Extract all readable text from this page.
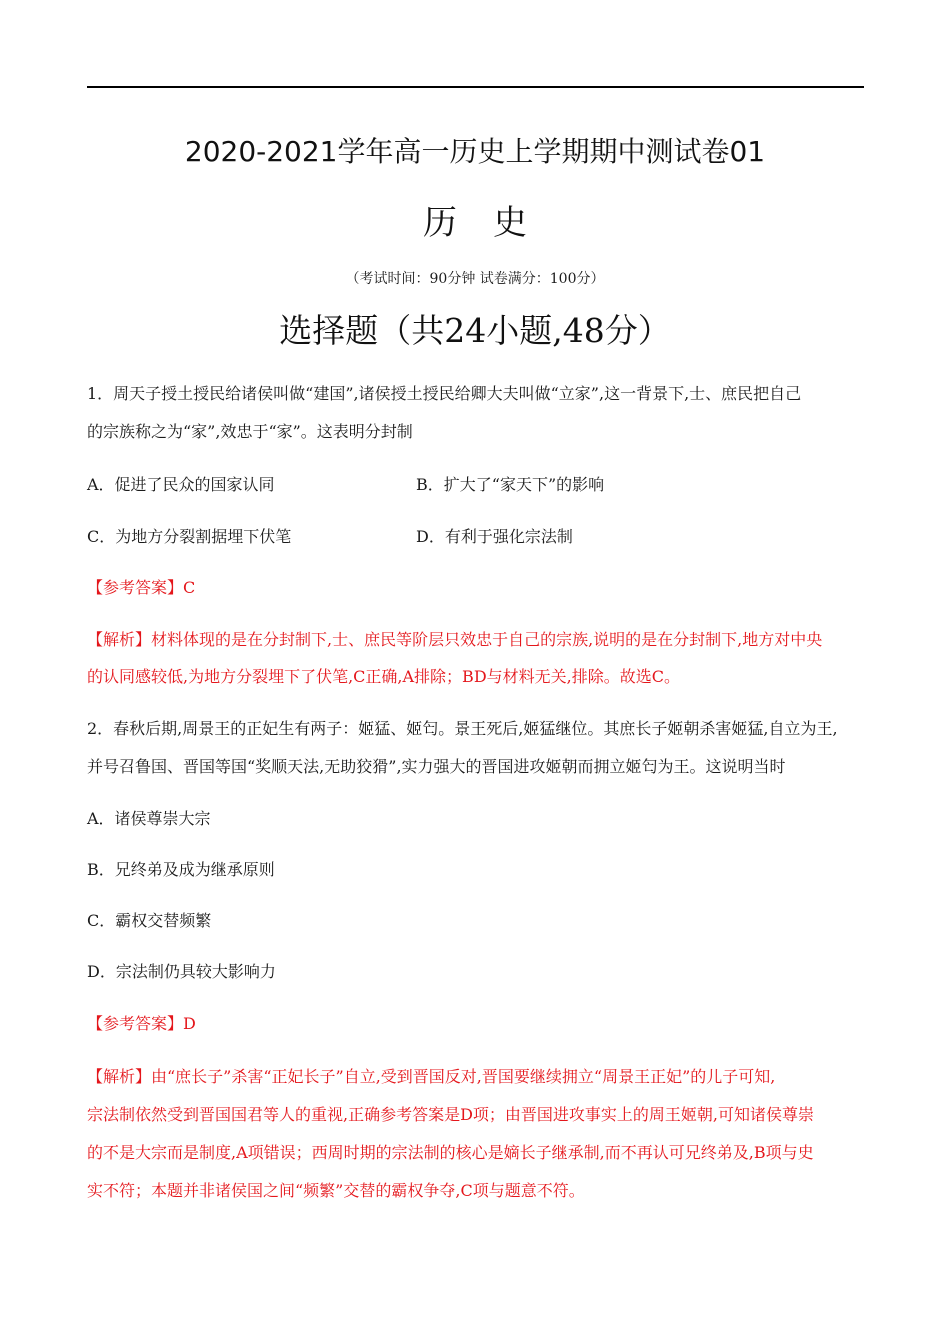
2020-2021学年高一历史上学期期中测试卷01
历史
（考试时间：90分钟 试卷满分：100分）
选择题（共24小题,48分）
1．周天子授土授民给诸侯叫做“建国”,诸侯授土授民给卿大夫叫做“立家”,这一背景下,士、庶民把自己
的宗族称之为“家”,效忠于“家”。这表明分封制
A．促进了民众的国家认同	B．扩大了“家天下”的影响
C．为地方分裂割据埋下伏笔	D．有利于强化宗法制
【参考答案】C
【解析】材料体现的是在分封制下,士、庶民等阶层只效忠于自己的宗族,说明的是在分封制下,地方对中央
的认同感较低,为地方分裂埋下了伏笔,C正确,A排除；BD与材料无关,排除。故选C。
2．春秋后期,周景王的正妃生有两子：姬猛、姬匄。景王死后,姬猛继位。其庶长子姬朝杀害姬猛,自立为王,
并号召鲁国、晋国等国“奖顺天法,无助狡猾”,实力强大的晋国进攻姬朝而拥立姬匄为王。这说明当时
A．诸侯尊崇大宗
B．兄终弟及成为继承原则
C．霸权交替频繁
D．宗法制仍具较大影响力
【参考答案】D
【解析】由“庶长子”杀害“正妃长子”自立,受到晋国反对,晋国要继续拥立“周景王正妃”的儿子可知,
宗法制依然受到晋国国君等人的重视,正确参考答案是D项；由晋国进攻事实上的周王姬朝,可知诸侯尊崇
的不是大宗而是制度,A项错误；西周时期的宗法制的核心是嫡长子继承制,而不再认可兄终弟及,B项与史
实不符；本题并非诸侯国之间“频繁”交替的霸权争夺,C项与题意不符。
